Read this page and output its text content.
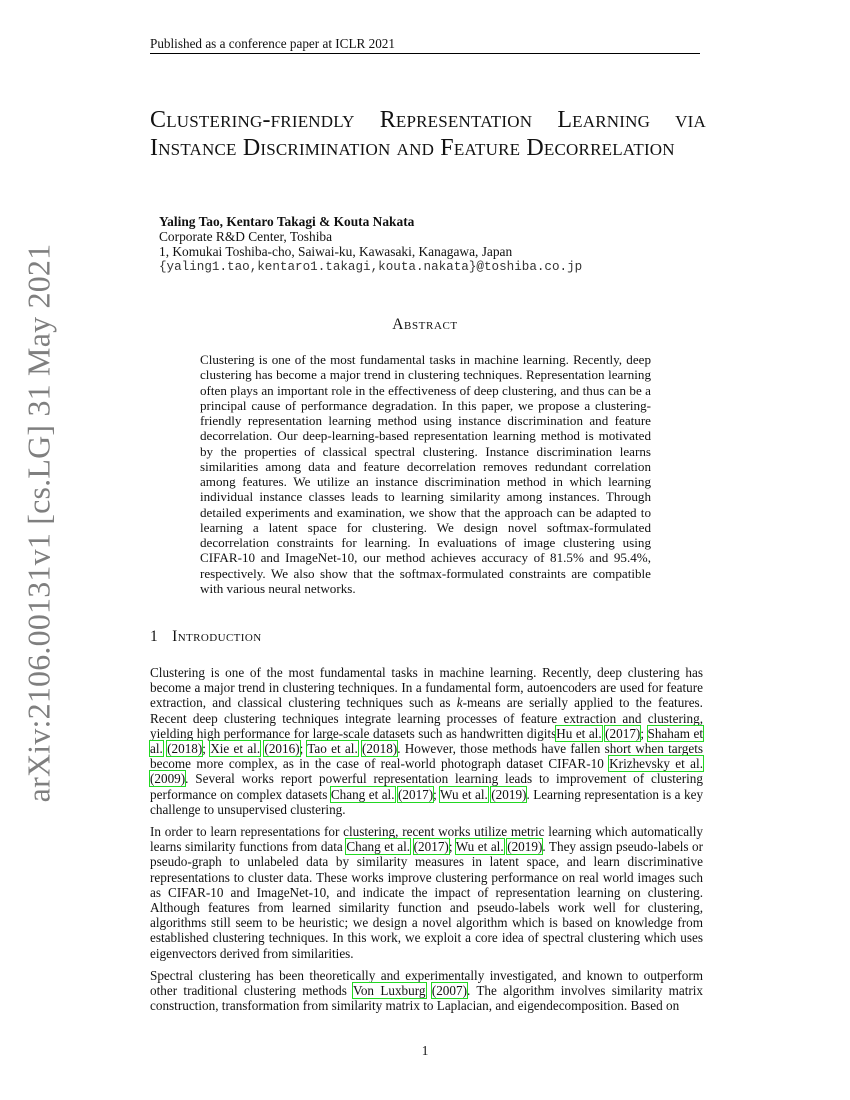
Published as a conference paper at ICLR 2021
arXiv:2106.00131v1 [cs.LG] 31 May 2021
Clustering-friendly Representation Learning via Instance Discrimination and Feature Decorrelation
Yaling Tao, Kentaro Takagi & Kouta Nakata
Corporate R&D Center, Toshiba
1, Komukai Toshiba-cho, Saiwai-ku, Kawasaki, Kanagawa, Japan
{yaling1.tao,kentaro1.takagi,kouta.nakata}@toshiba.co.jp
Abstract

Clustering is one of the most fundamental tasks in machine learning. Recently, deep clustering has become a major trend in clustering techniques. Representation learning often plays an important role in the effectiveness of deep clustering, and thus can be a principal cause of performance degradation. In this paper, we propose a clustering-friendly representation learning method using instance discrimination and feature decorrelation. Our deep-learning-based representation learning method is motivated by the properties of classical spectral clustering. Instance discrimination learns similarities among data and feature decorrelation removes redundant correlation among features. We utilize an instance discrimination method in which learning individual instance classes leads to learning similarity among instances. Through detailed experiments and examination, we show that the approach can be adapted to learning a latent space for clustering. We design novel softmax-formulated decorrelation constraints for learning. In evaluations of image clustering using CIFAR-10 and ImageNet-10, our method achieves accuracy of 81.5% and 95.4%, respectively. We also show that the softmax-formulated constraints are compatible with various neural networks.

1 Introduction

Clustering is one of the most fundamental tasks in machine learning. Recently, deep clustering has become a major trend in clustering techniques. In a fundamental form, autoencoders are used for feature extraction, and classical clustering techniques such as k-means are serially applied to the features. Recent deep clustering techniques integrate learning processes of feature extraction and clustering, yielding high performance for large-scale datasets such as handwritten digitsHu et al. (2017); Shaham et al. (2018); Xie et al. (2016); Tao et al. (2018). However, those methods have fallen short when targets become more complex, as in the case of real-world photograph dataset CIFAR-10 Krizhevsky et al. (2009). Several works report powerful representation learning leads to improvement of clustering performance on complex datasets Chang et al. (2017); Wu et al. (2019). Learning representation is a key challenge to unsupervised clustering.

In order to learn representations for clustering, recent works utilize metric learning which automatically learns similarity functions from data Chang et al. (2017); Wu et al. (2019). They assign pseudo-labels or pseudo-graph to unlabeled data by similarity measures in latent space, and learn discriminative representations to cluster data. These works improve clustering performance on real world images such as CIFAR-10 and ImageNet-10, and indicate the impact of representation learning on clustering. Although features from learned similarity function and pseudo-labels work well for clustering, algorithms still seem to be heuristic; we design a novel algorithm which is based on knowledge from established clustering techniques. In this work, we exploit a core idea of spectral clustering which uses eigenvectors derived from similarities.

Spectral clustering has been theoretically and experimentally investigated, and known to outperform other traditional clustering methods Von Luxburg (2007). The algorithm involves similarity matrix construction, transformation from similarity matrix to Laplacian, and eigendecomposition. Based on

1
